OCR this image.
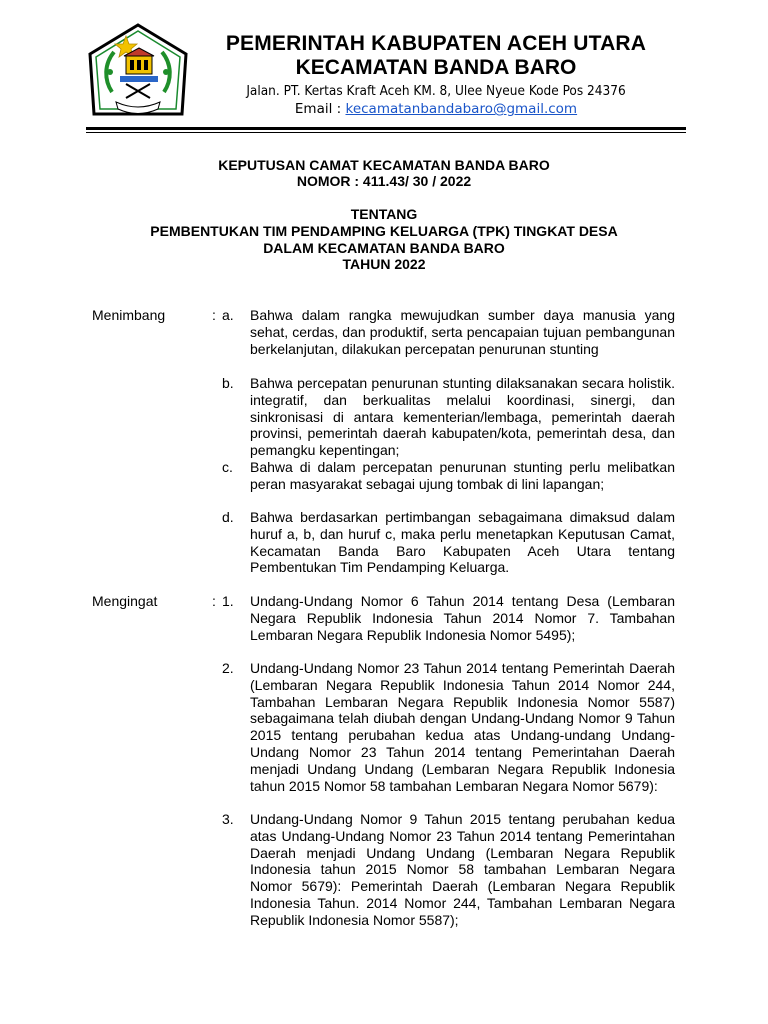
PEMERINTAH KABUPATEN ACEH UTARA
KECAMATAN BANDA BARO
Jalan. PT. Kertas Kraft Aceh KM. 8, Ulee Nyeue Kode Pos 24376
Email : kecamatanbandabaro@gmail.com
KEPUTUSAN CAMAT KECAMATAN BANDA BARO
NOMOR : 411.43/ 30 / 2022
TENTANG
PEMBENTUKAN TIM PENDAMPING KELUARGA (TPK) TINGKAT DESA
DALAM KECAMATAN BANDA BARO
TAHUN 2022
Menimbang	: a. Bahwa dalam rangka mewujudkan sumber daya manusia yang sehat, cerdas, dan produktif, serta pencapaian tujuan pembangunan berkelanjutan, dilakukan percepatan penurunan stunting
b. Bahwa percepatan penurunan stunting dilaksanakan secara holistik. integratif, dan berkualitas melalui koordinasi, sinergi, dan sinkronisasi di antara kementerian/lembaga, pemerintah daerah provinsi, pemerintah daerah kabupaten/kota, pemerintah desa, dan pemangku kepentingan;
c. Bahwa di dalam percepatan penurunan stunting perlu melibatkan peran masyarakat sebagai ujung tombak di lini lapangan;
d. Bahwa berdasarkan pertimbangan sebagaimana dimaksud dalam huruf a, b, dan huruf c, maka perlu menetapkan Keputusan Camat, Kecamatan Banda Baro Kabupaten Aceh Utara tentang Pembentukan Tim Pendamping Keluarga.
Mengingat	: 1. Undang-Undang Nomor 6 Tahun 2014 tentang Desa (Lembaran Negara Republik Indonesia Tahun 2014 Nomor 7. Tambahan Lembaran Negara Republik Indonesia Nomor 5495);
2. Undang-Undang Nomor 23 Tahun 2014 tentang Pemerintah Daerah (Lembaran Negara Republik Indonesia Tahun 2014 Nomor 244, Tambahan Lembaran Negara Republik Indonesia Nomor 5587) sebagaimana telah diubah dengan Undang-Undang Nomor 9 Tahun 2015 tentang perubahan kedua atas Undang-undang Undang-Undang Nomor 23 Tahun 2014 tentang Pemerintahan Daerah menjadi Undang Undang (Lembaran Negara Republik Indonesia tahun 2015 Nomor 58 tambahan Lembaran Negara Nomor 5679):
3. Undang-Undang Nomor 9 Tahun 2015 tentang perubahan kedua atas Undang-Undang Nomor 23 Tahun 2014 tentang Pemerintahan Daerah menjadi Undang Undang (Lembaran Negara Republik Indonesia tahun 2015 Nomor 58 tambahan Lembaran Negara Nomor 5679): Pemerintah Daerah (Lembaran Negara Republik Indonesia Tahun. 2014 Nomor 244, Tambahan Lembaran Negara Republik Indonesia Nomor 5587);
